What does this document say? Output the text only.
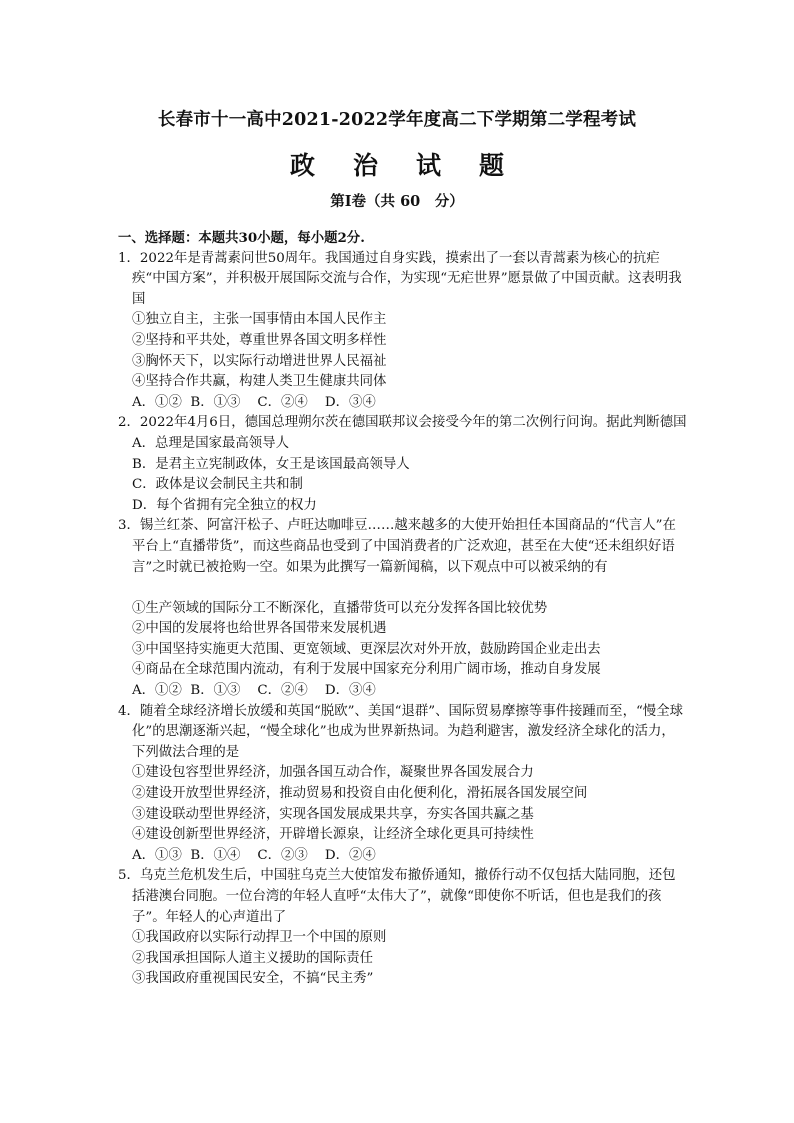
长春市十一高中2021-2022学年度高二下学期第二学程考试
政治试题
第Ⅰ卷（共 60　分）

一、选择题：本题共30小题，每小题2分.

1．2022年是青蒿素问世50周年。我国通过自身实践，摸索出了一套以青蒿素为核心的抗疟疾“中国方案”，并积极开展国际交流与合作，为实现“无疟世界”愿景做了中国贡献。这表明我国

①独立自主，主张一国事情由本国人民作主

②坚持和平共处，尊重世界各国文明多样性

③胸怀天下，以实际行动增进世界人民福祉

④坚持合作共赢，构建人类卫生健康共同体

A．①②  B．①③    C．②④    D．③④

2．2022年4月6日，德国总理朔尔茨在德国联邦议会接受今年的第二次例行问询。据此判断德国

A．总理是国家最高领导人

B．是君主立宪制政体，女王是该国最高领导人

C．政体是议会制民主共和制

D．每个省拥有完全独立的权力

3．锡兰红茶、阿富汗松子、卢旺达咖啡豆……越来越多的大使开始担任本国商品的“代言人”在平台上“直播带货”，而这些商品也受到了中国消费者的广泛欢迎，甚至在大使“还未组织好语言”之时就已被抢购一空。如果为此撰写一篇新闻稿，以下观点中可以被采纳的有

①生产领域的国际分工不断深化，直播带货可以充分发挥各国比较优势

②中国的发展将也给世界各国带来发展机遇

③中国坚持实施更大范围、更宽领域、更深层次对外开放，鼓励跨国企业走出去

④商品在全球范围内流动，有利于发展中国家充分利用广阔市场，推动自身发展

A．①②  B．①③    C．②④    D．③④

4．随着全球经济增长放缓和英国“脱欧”、美国“退群”、国际贸易摩擦等事件接踵而至，“慢全球化”的思潮逐渐兴起，“慢全球化”也成为世界新热词。为趋利避害，激发经济全球化的活力，下列做法合理的是

①建设包容型世界经济，加强各国互动合作，凝聚世界各国发展合力

②建设开放型世界经济，推动贸易和投资自由化便利化，滑拓展各国发展空间

③建设联动型世界经济，实现各国发展成果共享，夯实各国共赢之基

④建设创新型世界经济，开辟增长源泉，让经济全球化更具可持续性

A．①③  B．①④    C．②③    D．②④

5．乌克兰危机发生后，中国驻乌克兰大使馆发布撤侨通知，撤侨行动不仅包括大陆同胞，还包括港澳台同胞。一位台湾的年轻人直呼“太伟大了”，就像“即使你不听话，但也是我们的孩子”。年轻人的心声道出了

①我国政府以实际行动捍卫一个中国的原则

②我国承担国际人道主义援助的国际责任

③我国政府重视国民安全，不搞“民主秀”
